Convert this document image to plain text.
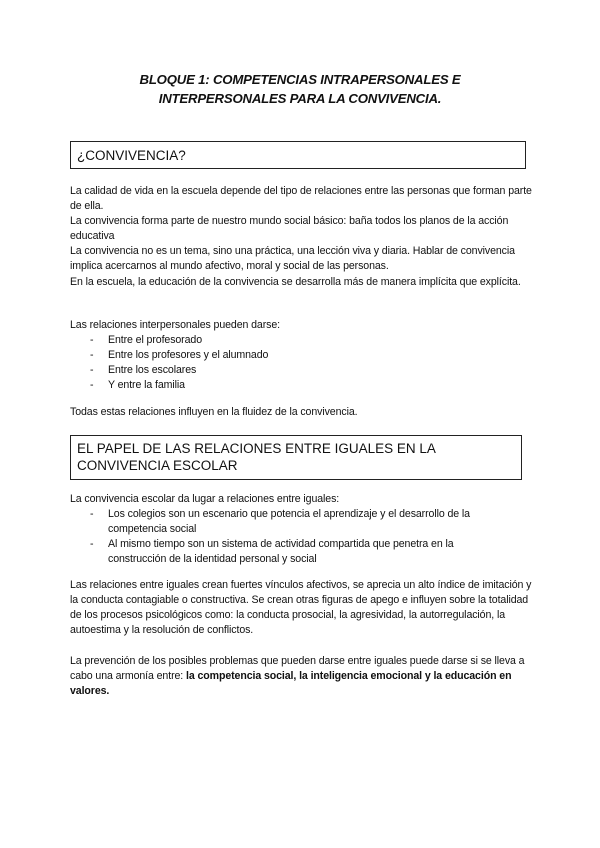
BLOQUE 1: COMPETENCIAS INTRAPERSONALES E
INTERPERSONALES PARA LA CONVIVENCIA.
¿CONVIVENCIA?

La calidad de vida en la escuela depende del tipo de relaciones entre las personas que forman parte de ella.

La convivencia forma parte de nuestro mundo social básico: baña todos los planos de la acción educativa

La convivencia no es un tema, sino una práctica, una lección viva y diaria. Hablar de convivencia implica acercarnos al mundo afectivo, moral y social de las personas.

En la escuela, la educación de la convivencia se desarrolla más de manera implícita que explícita.

Las relaciones interpersonales pueden darse:

- Entre el profesorado
- Entre los profesores y el alumnado
- Entre los escolares
- Y entre la familia

Todas estas relaciones influyen en la fluidez de la convivencia.

EL PAPEL DE LAS RELACIONES ENTRE IGUALES EN LA
CONVIVENCIA ESCOLAR

La convivencia escolar da lugar a relaciones entre iguales:

- Los colegios son un escenario que potencia el aprendizaje y el desarrollo de la competencia social
- Al mismo tiempo son un sistema de actividad compartida que penetra en la construcción de la identidad personal y social

Las relaciones entre iguales crean fuertes vínculos afectivos, se aprecia un alto índice de imitación y la conducta contagiable o constructiva. Se crean otras figuras de apego e influyen sobre la totalidad de los procesos psicológicos como: la conducta prosocial, la agresividad, la autorregulación, la autoestima y la resolución de conflictos.

La prevención de los posibles problemas que pueden darse entre iguales puede darse si se lleva a cabo una armonía entre: la competencia social, la inteligencia emocional y la educación en valores.
